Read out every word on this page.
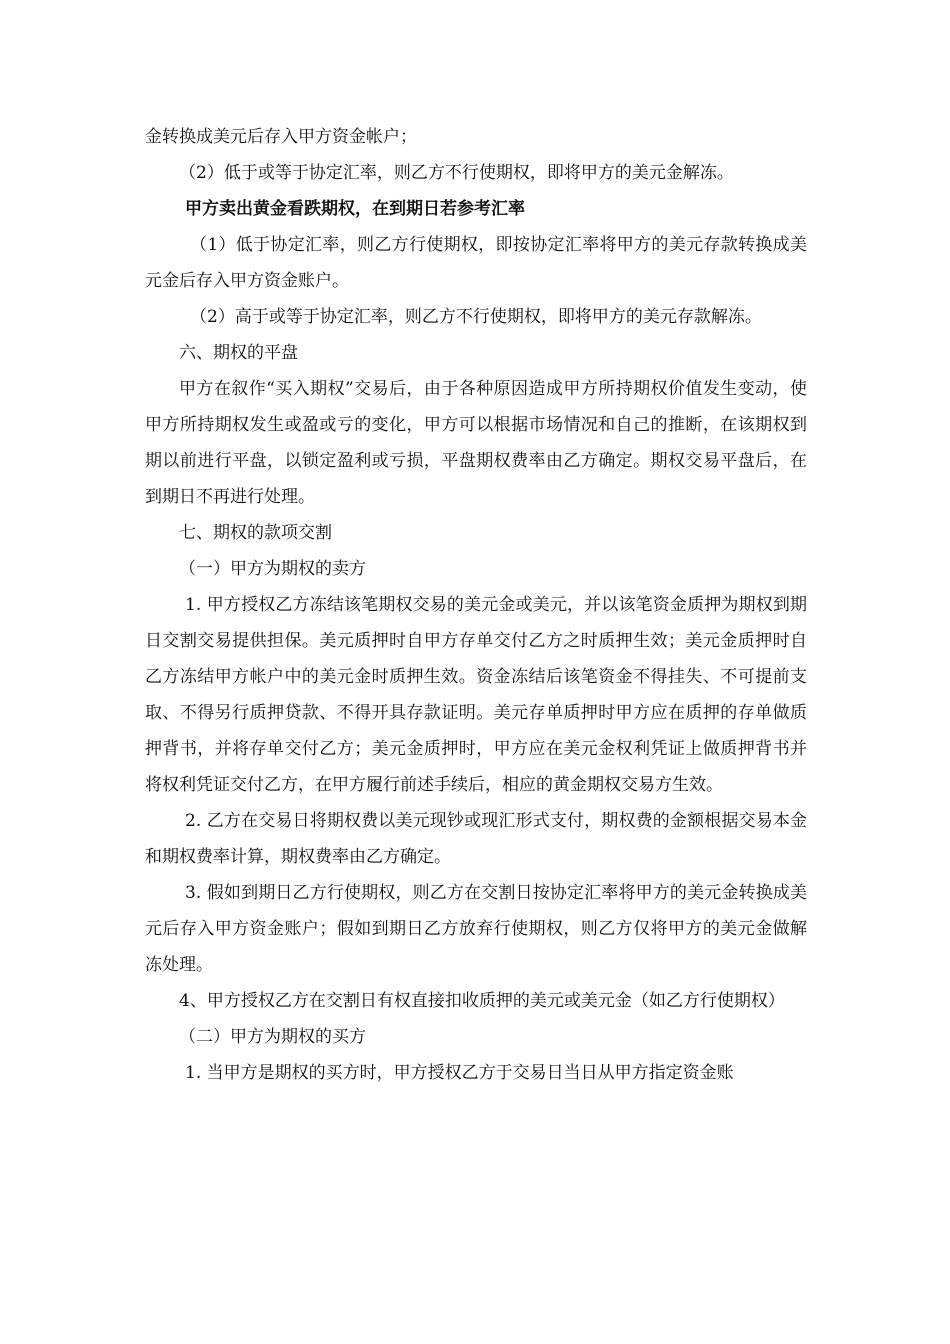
金转换成美元后存入甲方资金帐户；

（2）低于或等于协定汇率，则乙方不行使期权，即将甲方的美元金解冻。

甲方卖出黄金看跌期权，在到期日若参考汇率

（1）低于协定汇率，则乙方行使期权，即按协定汇率将甲方的美元存款转换成美元金后存入甲方资金账户。

（2）高于或等于协定汇率，则乙方不行使期权，即将甲方的美元存款解冻。

六、期权的平盘

甲方在叙作“买入期权”交易后，由于各种原因造成甲方所持期权价值发生变动，使甲方所持期权发生或盈或亏的变化，甲方可以根据市场情况和自己的推断，在该期权到期以前进行平盘，以锁定盈利或亏损，平盘期权费率由乙方确定。期权交易平盘后，在到期日不再进行处理。

七、期权的款项交割

（一）甲方为期权的卖方

1. 甲方授权乙方冻结该笔期权交易的美元金或美元，并以该笔资金质押为期权到期日交割交易提供担保。美元质押时自甲方存单交付乙方之时质押生效；美元金质押时自乙方冻结甲方帐户中的美元金时质押生效。资金冻结后该笔资金不得挂失、不可提前支取、不得另行质押贷款、不得开具存款证明。美元存单质押时甲方应在质押的存单做质押背书，并将存单交付乙方；美元金质押时，甲方应在美元金权利凭证上做质押背书并将权利凭证交付乙方，在甲方履行前述手续后，相应的黄金期权交易方生效。

2. 乙方在交易日将期权费以美元现钞或现汇形式支付，期权费的金额根据交易本金和期权费率计算，期权费率由乙方确定。

3. 假如到期日乙方行使期权，则乙方在交割日按协定汇率将甲方的美元金转换成美元后存入甲方资金账户；假如到期日乙方放弃行使期权，则乙方仅将甲方的美元金做解冻处理。

4、甲方授权乙方在交割日有权直接扣收质押的美元或美元金（如乙方行使期权）

（二）甲方为期权的买方

1. 当甲方是期权的买方时，甲方授权乙方于交易日当日从甲方指定资金账
